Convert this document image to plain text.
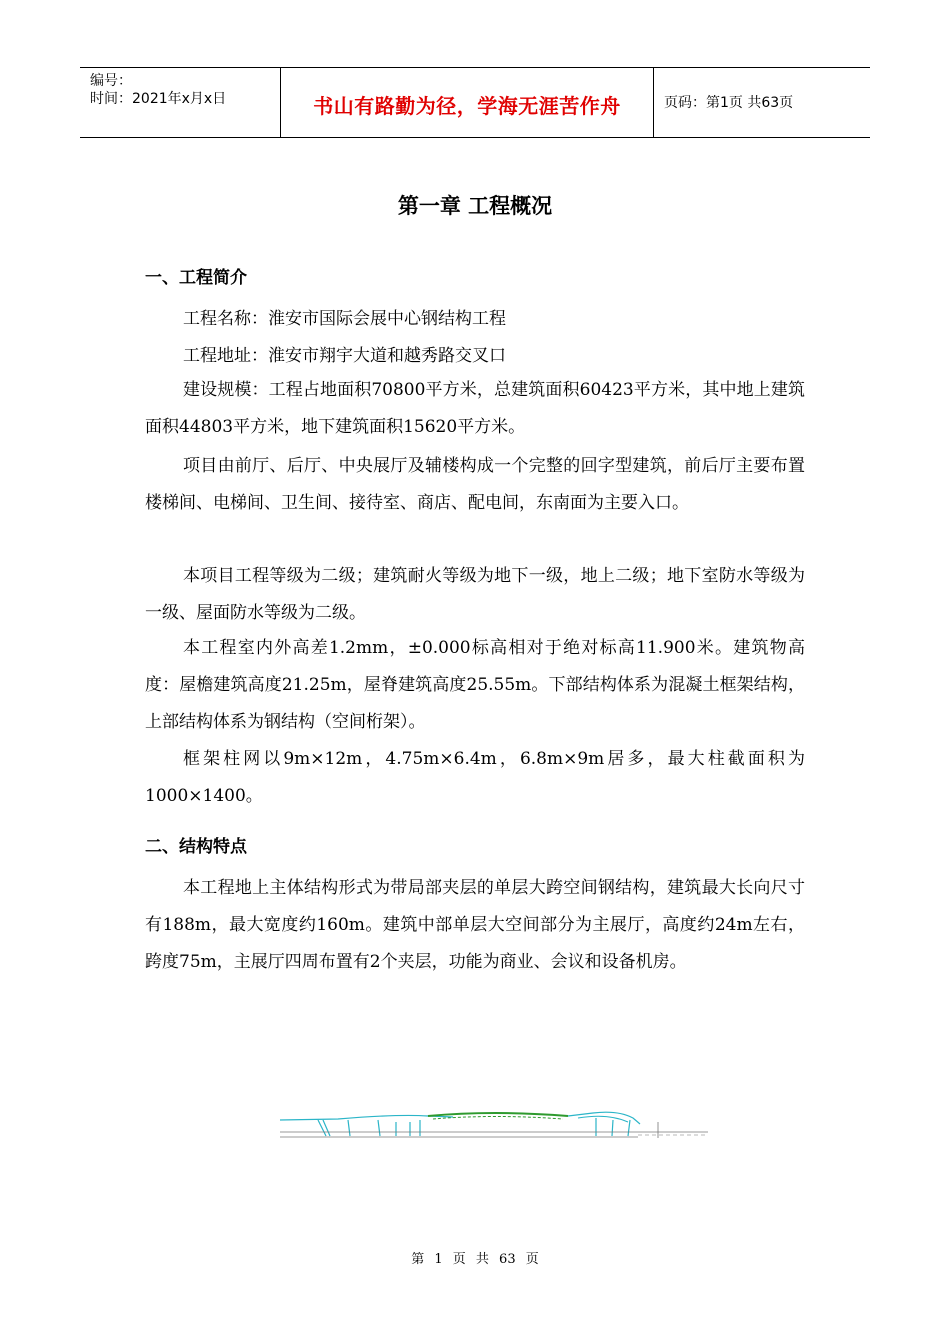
编号：
时间：2021年x月x日	书山有路勤为径，学海无涯苦作舟	页码：第1页 共63页
第一章 工程概况
一、工程简介

工程名称：淮安市国际会展中心钢结构工程

工程地址：淮安市翔宇大道和越秀路交叉口

建设规模：工程占地面积70800平方米，总建筑面积60423平方米，其中地上建筑面积44803平方米，地下建筑面积15620平方米。

项目由前厅、后厅、中央展厅及辅楼构成一个完整的回字型建筑，前后厅主要布置楼梯间、电梯间、卫生间、接待室、商店、配电间，东南面为主要入口。

本项目工程等级为二级；建筑耐火等级为地下一级，地上二级；地下室防水等级为一级、屋面防水等级为二级。

本工程室内外高差1.2mm，±0.000标高相对于绝对标高11.900米。建筑物高度：屋檐建筑高度21.25m，屋脊建筑高度25.55m。下部结构体系为混凝土框架结构，上部结构体系为钢结构（空间桁架）。

框架柱网以9m×12m，4.75m×6.4m，6.8m×9m居多，最大柱截面积为1000×1400。

二、结构特点

本工程地上主体结构形式为带局部夹层的单层大跨空间钢结构，建筑最大长向尺寸有188m，最大宽度约160m。建筑中部单层大空间部分为主展厅，高度约24m左右，跨度75m，主展厅四周布置有2个夹层，功能为商业、会议和设备机房。

第 1 页 共 63 页
